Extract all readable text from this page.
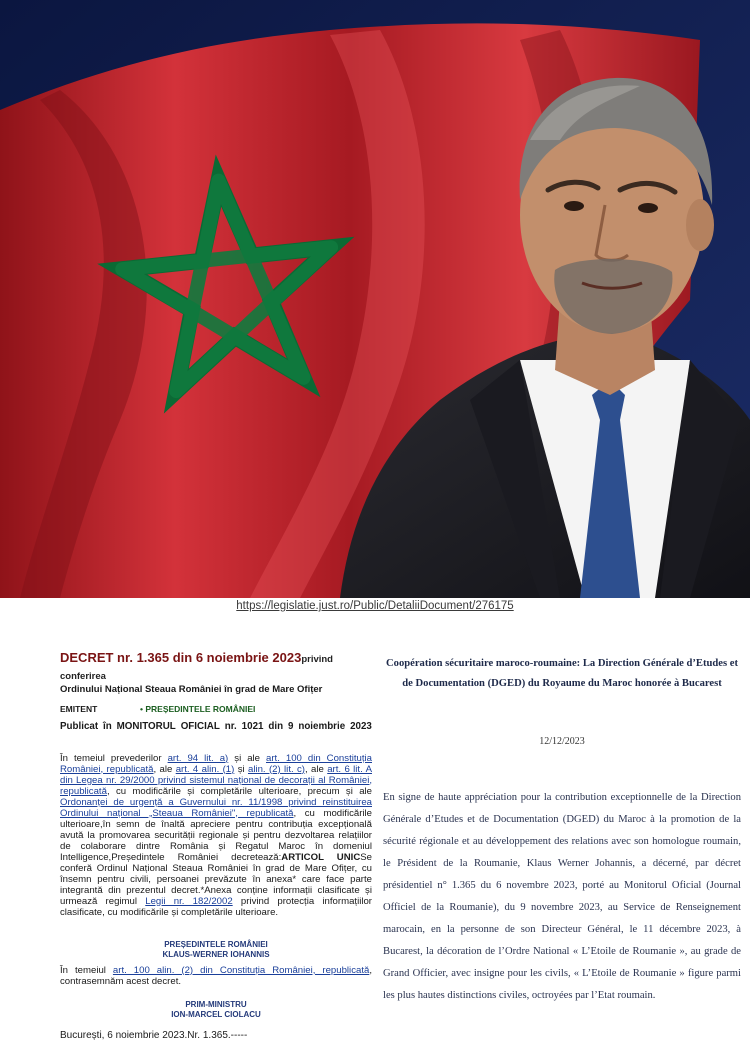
https://legislatie.just.ro/Public/DetaliiDocument/276175
DECRET nr. 1.365 din 6 noiembrie 2023privind conferirea
Ordinului Național Steaua României în grad de Mare Ofițer
EMITENT	• PREȘEDINTELE ROMÂNIEI
Publicat în MONITORUL OFICIAL nr. 1021 din 9 noiembrie 2023
În temeiul prevederilor art. 94 lit. a) și ale art. 100 din Constituția României, republicată, ale art. 4 alin. (1) și alin. (2) lit. c), ale art. 6 lit. A din Legea nr. 29/2000 privind sistemul național de decorații al României, republicată, cu modificările și completările ulterioare, precum și ale Ordonanței de urgență a Guvernului nr. 11/1998 privind reinstituirea Ordinului național „Steaua României", republicată, cu modificările ulterioare,în semn de înaltă apreciere pentru contribuția excepțională avută la promovarea securității regionale și pentru dezvoltarea relațiilor de colaborare dintre România și Regatul Maroc în domeniul Intelligence,Președintele României decretează:ARTICOL UNICSe conferă Ordinul Național Steaua României în grad de Mare Ofițer, cu însemn pentru civili, persoanei prevăzute în anexa* care face parte integrantă din prezentul decret.*Anexa conține informații clasificate și urmează regimul Legii nr. 182/2002 privind protecția informațiilor clasificate, cu modificările și completările ulterioare.
PREȘEDINTELE ROMÂNIEI
KLAUS-WERNER IOHANNIS
În temeiul art. 100 alin. (2) din Constituția României, republicată, contrasemnăm acest decret.
PRIM-MINISTRU
ION-MARCEL CIOLACU
București, 6 noiembrie 2023.Nr. 1.365.-----
Coopération sécuritaire maroco-roumaine: La Direction Générale d’Etudes et de Documentation (DGED) du Royaume du Maroc honorée à Bucarest
12/12/2023
En signe de haute appréciation pour la contribution exceptionnelle de la Direction Générale d’Etudes et de Documentation (DGED) du Maroc à la promotion de la sécurité régionale et au développement des relations avec son homologue roumain, le Président de la Roumanie, Klaus Werner Johannis, a décerné, par décret présidentiel n° 1.365 du 6 novembre 2023, porté au Monitorul Oficial (Journal Officiel de la Roumanie), du 9 novembre 2023, au Service de Renseignement marocain, en la personne de son Directeur Général, le 11 décembre 2023, à Bucarest, la décoration de l’Ordre National « L’Etoile de Roumanie », au grade de Grand Officier, avec insigne pour les civils, « L’Etoile de Roumanie » figure parmi les plus hautes distinctions civiles, octroyées par l’Etat roumain.
